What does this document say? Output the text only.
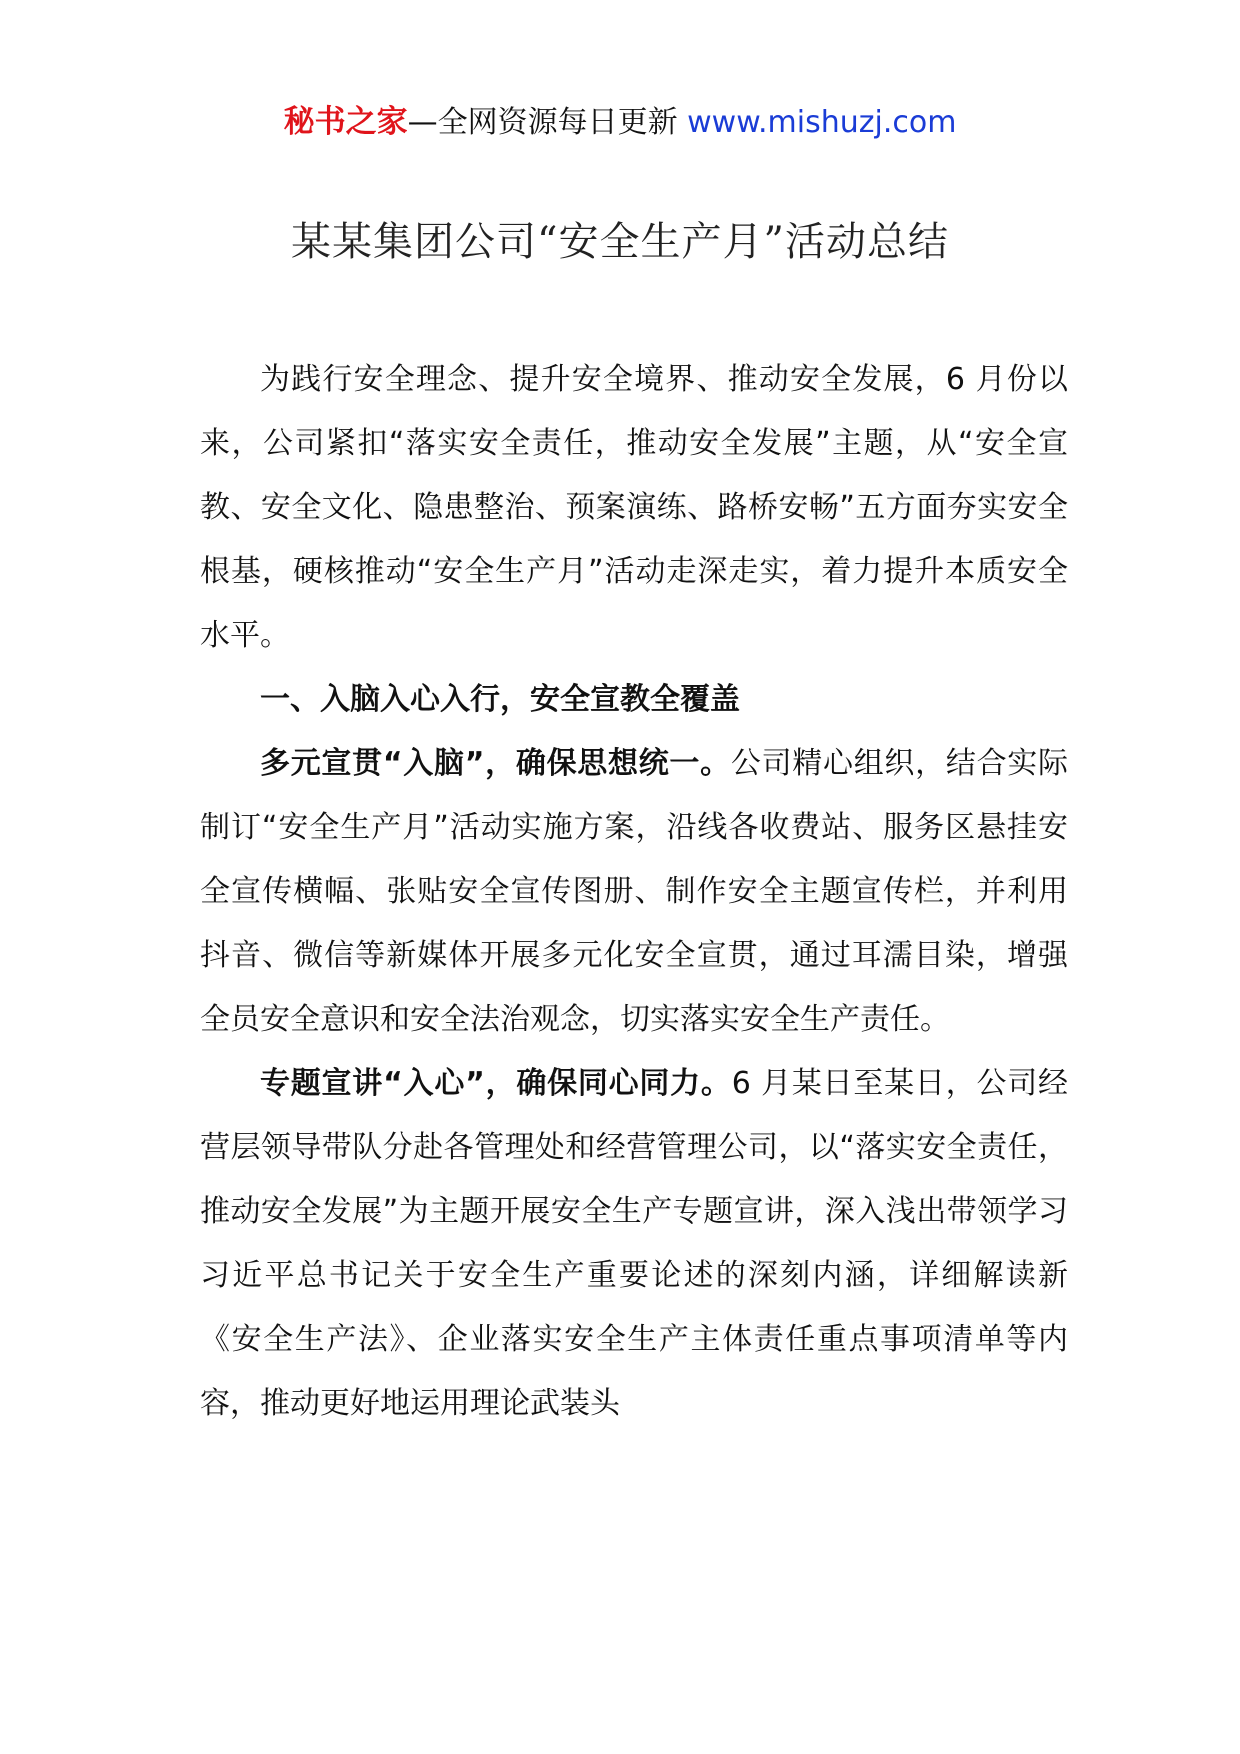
秘书之家—全网资源每日更新 www.mishuzj.com
某某集团公司“安全生产月”活动总结

为践行安全理念、提升安全境界、推动安全发展，6 月份以来，公司紧扣“落实安全责任，推动安全发展”主题，从“安全宣教、安全文化、隐患整治、预案演练、路桥安畅”五方面夯实安全根基，硬核推动“安全生产月”活动走深走实，着力提升本质安全水平。

一、入脑入心入行，安全宣教全覆盖

多元宣贯“入脑”，确保思想统一。公司精心组织，结合实际制订“安全生产月”活动实施方案，沿线各收费站、服务区悬挂安全宣传横幅、张贴安全宣传图册、制作安全主题宣传栏，并利用抖音、微信等新媒体开展多元化安全宣贯，通过耳濡目染，增强全员安全意识和安全法治观念，切实落实安全生产责任。

专题宣讲“入心”，确保同心同力。6 月某日至某日，公司经营层领导带队分赴各管理处和经营管理公司，以“落实安全责任，推动安全发展”为主题开展安全生产专题宣讲，深入浅出带领学习习近平总书记关于安全生产重要论述的深刻内涵，详细解读新《安全生产法》、企业落实安全生产主体责任重点事项清单等内容，推动更好地运用理论武装头
